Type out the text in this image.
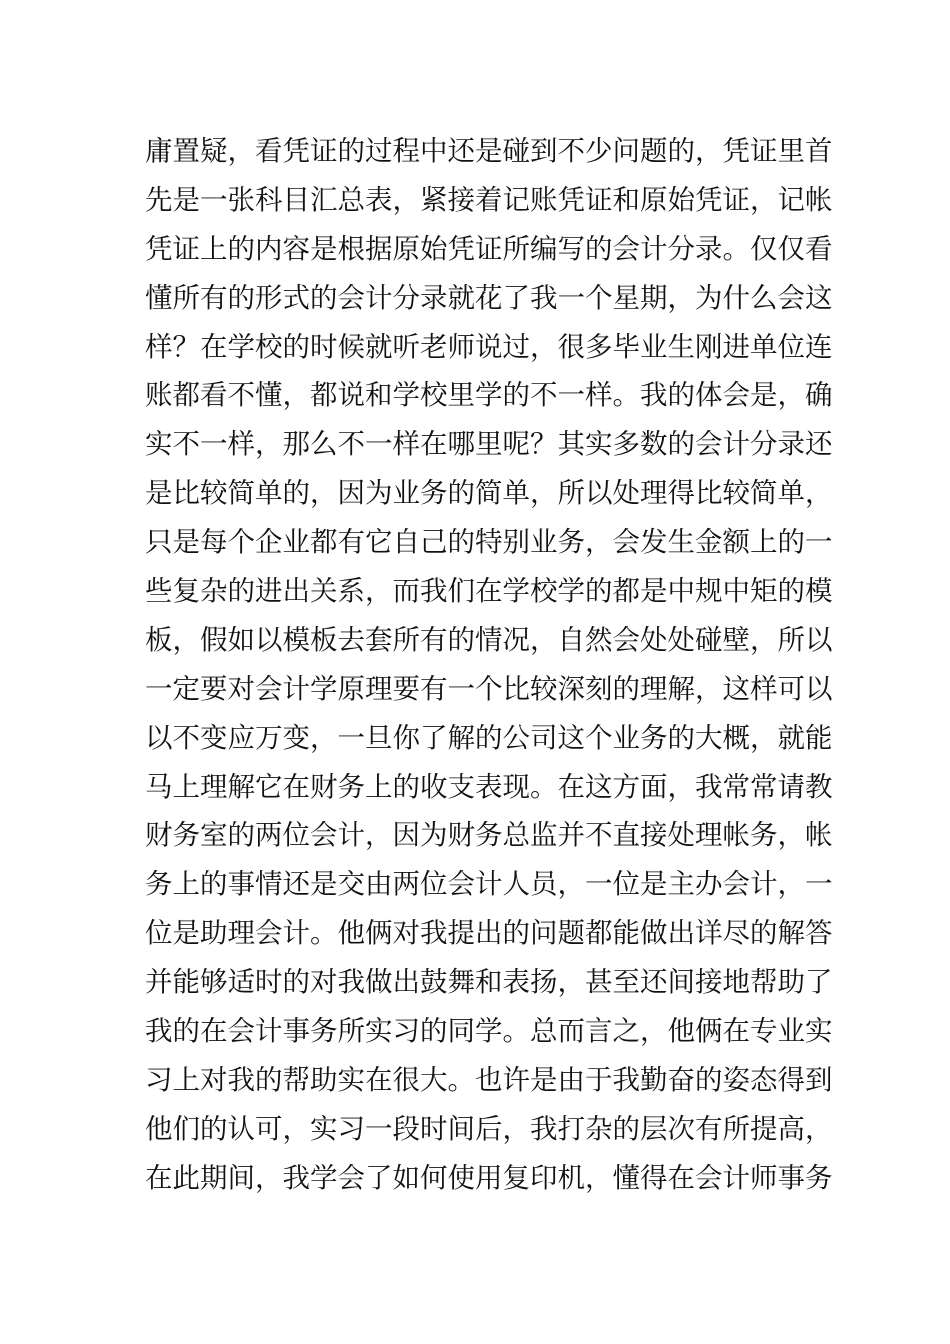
庸置疑，看凭证的过程中还是碰到不少问题的，凭证里首
先是一张科目汇总表，紧接着记账凭证和原始凭证，记帐
凭证上的内容是根据原始凭证所编写的会计分录。仅仅看
懂所有的形式的会计分录就花了我一个星期，为什么会这
样？在学校的时候就听老师说过，很多毕业生刚进单位连
账都看不懂，都说和学校里学的不一样。我的体会是，确
实不一样，那么不一样在哪里呢？其实多数的会计分录还
是比较简单的，因为业务的简单，所以处理得比较简单，
只是每个企业都有它自己的特别业务，会发生金额上的一
些复杂的进出关系，而我们在学校学的都是中规中矩的模
板，假如以模板去套所有的情况，自然会处处碰壁，所以
一定要对会计学原理要有一个比较深刻的理解，这样可以
以不变应万变，一旦你了解的公司这个业务的大概，就能
马上理解它在财务上的收支表现。在这方面，我常常请教
财务室的两位会计，因为财务总监并不直接处理帐务，帐
务上的事情还是交由两位会计人员，一位是主办会计，一
位是助理会计。他俩对我提出的问题都能做出详尽的解答
并能够适时的对我做出鼓舞和表扬，甚至还间接地帮助了
我的在会计事务所实习的同学。总而言之，他俩在专业实
习上对我的帮助实在很大。也许是由于我勤奋的姿态得到
他们的认可，实习一段时间后，我打杂的层次有所提高，
在此期间，我学会了如何使用复印机，懂得在会计师事务
